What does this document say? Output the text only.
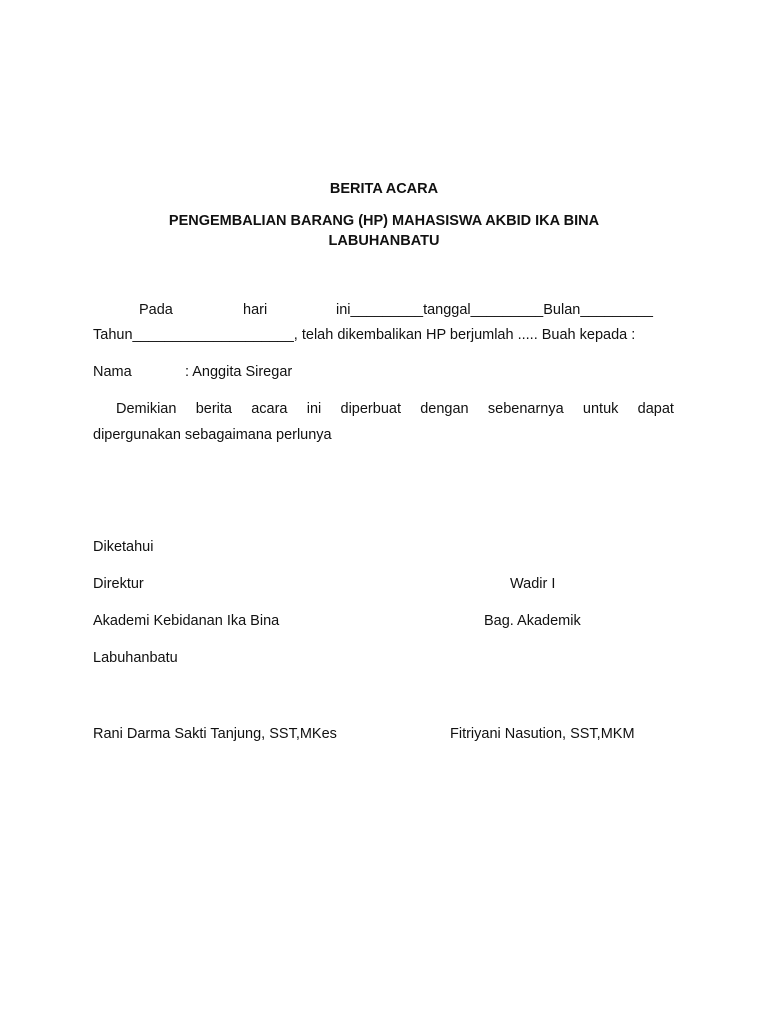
BERITA ACARA
PENGEMBALIAN BARANG (HP) MAHASISWA AKBID IKA BINA
LABUHANBATU
Pada	hari	ini_________tanggal_________Bulan_________
Tahun____________________, telah dikembalikan HP berjumlah ..... Buah kepada :
Nama	: Anggita Siregar
Demikian berita acara ini diperbuat dengan sebenarnya untuk dapat
dipergunakan sebagaimana perlunya
Diketahui
Direktur	Wadir I
Akademi Kebidanan Ika Bina	Bag. Akademik
Labuhanbatu
Rani Darma Sakti Tanjung, SST,MKes	Fitriyani Nasution, SST,MKM
